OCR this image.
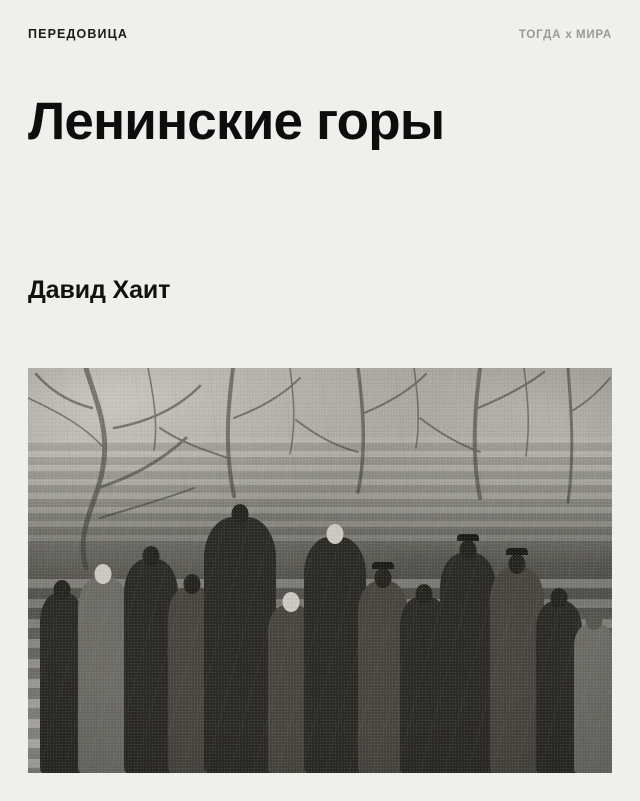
ПЕРЕДОВИЦА	ТОГДА x МИРА
Ленинские горы

Давид Хаит
